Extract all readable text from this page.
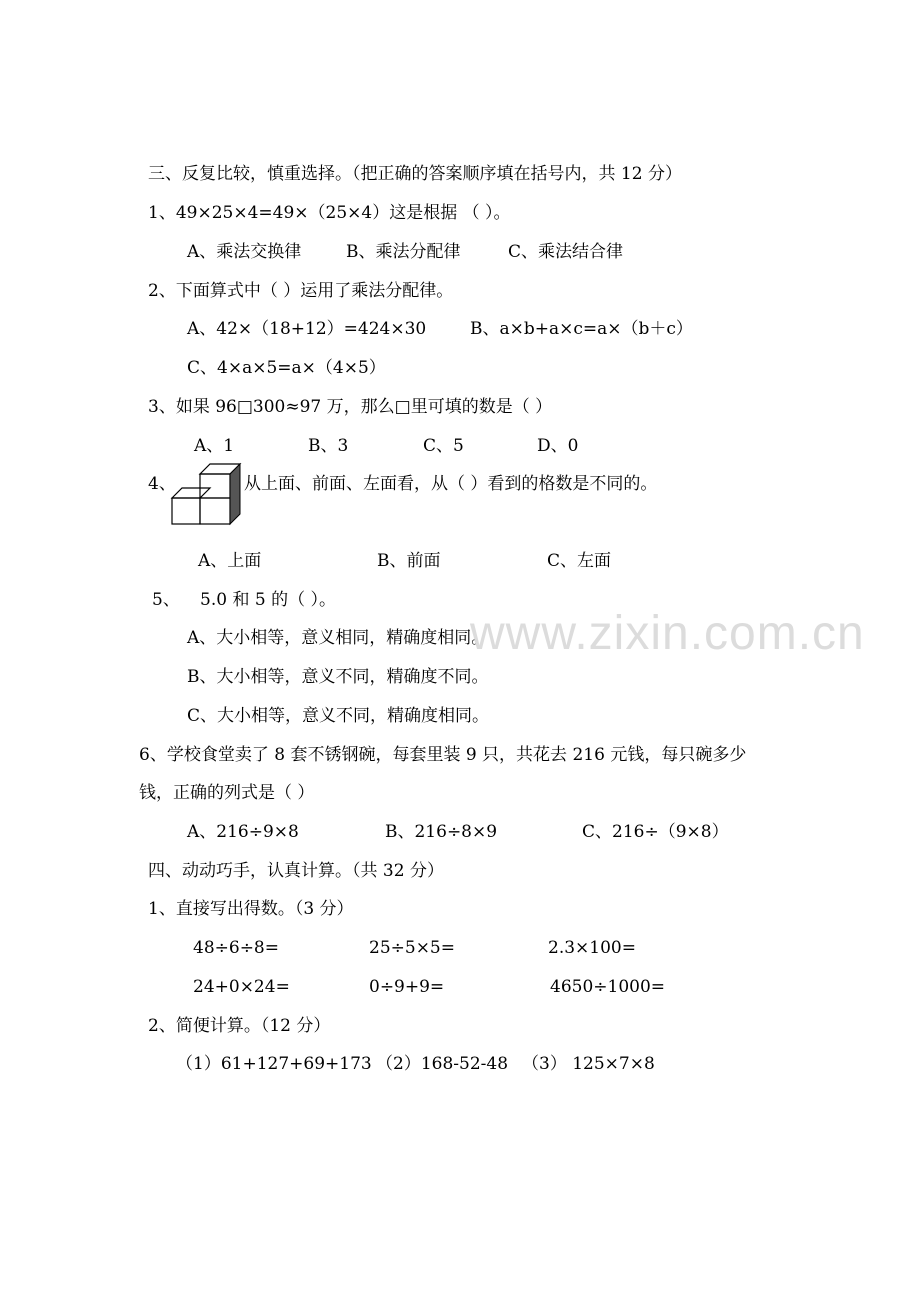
三、反复比较，慎重选择。（把正确的答案顺序填在括号内，共 12 分）
1、49×25×4=49×（25×4）这是根据 （ ）。
A、乘法交换律	B、乘法分配律	C、乘法结合律
2、下面算式中（ ）运用了乘法分配律。
A、42×（18+12）=424×30	B、a×b+a×c=a×（b＋c）
C、4×a×5=a×（4×5）
3、如果 96□300≈97 万，那么□里可填的数是（ ）
A、1	B、3	C、5	D、0
4、	从上面、前面、左面看，从（ ）看到的格数是不同的。
A、上面	B、前面	C、左面
5、 5.0 和 5 的（ ）。
A、大小相等，意义相同，精确度相同。
B、大小相等，意义不同，精确度不同。
C、大小相等，意义不同，精确度相同。
6、学校食堂卖了 8 套不锈钢碗，每套里装 9 只，共花去 216 元钱，每只碗多少
钱，正确的列式是（ ）
A、216÷9×8	B、216÷8×9	C、216÷（9×8）
四、动动巧手，认真计算。（共 32 分）
1、直接写出得数。（3 分）
48÷6÷8=	25÷5×5=	2.3×100=
24+0×24=	0÷9+9=	4650÷1000=
2、简便计算。（12 分）
（1）61+127+69+173 （2）168-52-48 （3） 125×7×8
www.zixin.com.cn
